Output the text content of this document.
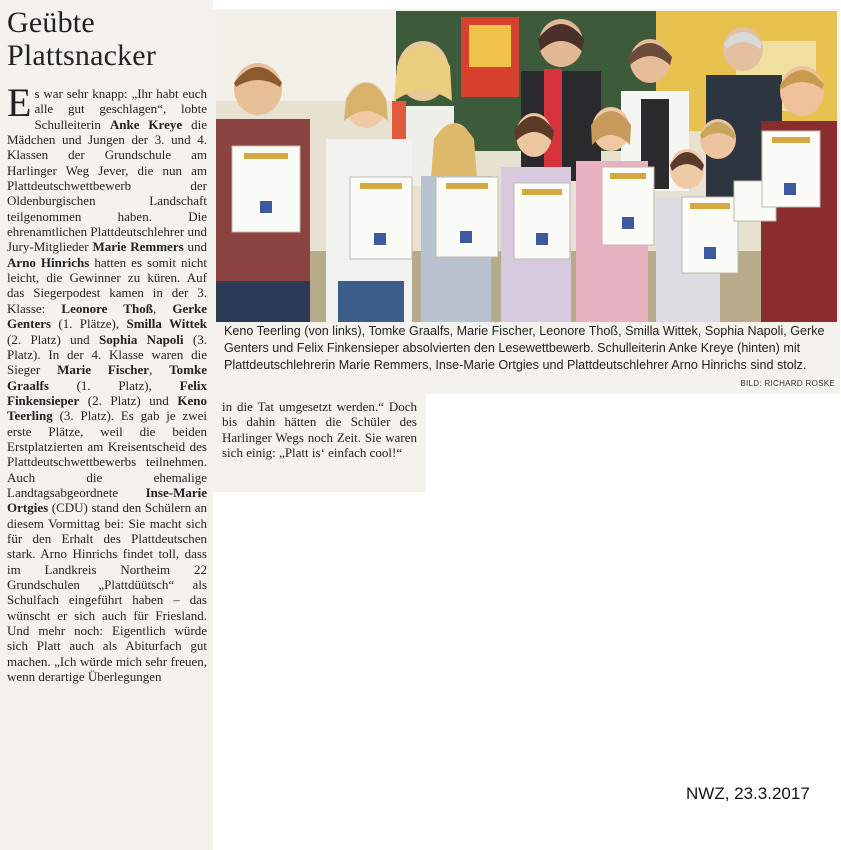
Geübte
Plattsnacker
E s war sehr knapp: „Ihr habt euch alle gut geschlagen“, lobte Schulleiterin Anke Kreye die Mädchen und Jungen der 3. und 4. Klassen der Grundschule am Harlinger Weg Jever, die nun am Plattdeutschwettbewerb der Oldenburgischen Landschaft teilgenommen haben. Die ehrenamtlichen Plattdeutschlehrer und Jury-Mitglieder Marie Remmers und Arno Hinrichs hatten es somit nicht leicht, die Gewinner zu küren. Auf das Siegerpodest kamen in der 3. Klasse: Leonore Thoß, Gerke Genters (1. Plätze), Smilla Wittek (2. Platz) und Sophia Napoli (3. Platz). In der 4. Klasse waren die Sieger Marie Fischer, Tomke Graalfs (1. Platz), Felix Finkensieper (2. Platz) und Keno Teerling (3. Platz). Es gab je zwei erste Plätze, weil die beiden Erstplatzierten am Kreisentscheid des Plattdeutschwettbewerbs teilnehmen. Auch die ehemalige Landtagsabgeordnete Inse-Marie Ortgies (CDU) stand den Schülern an diesem Vormittag bei: Sie macht sich für den Erhalt des Plattdeutschen stark. Arno Hinrichs findet toll, dass im Landkreis Northeim 22 Grundschulen „Plattdüütsch“ als Schulfach eingeführt haben – das wünscht er sich auch für Friesland. Und mehr noch: Eigentlich würde sich Platt auch als Abiturfach gut machen. „Ich würde mich sehr freuen, wenn derartige Überlegungen
Keno Teerling (von links), Tomke Graalfs, Marie Fischer, Leonore Thoß, Smilla Wittek, Sophia Napoli, Gerke Genters und Felix Finkensieper absolvierten den Lesewettbewerb. Schulleiterin Anke Kreye (hinten) mit Plattdeutschlehrerin Marie Remmers, Inse-Marie Ortgies und Plattdeutschlehrer Arno Hinrichs sind stolz.
BILD: RICHARD ROSKE
in die Tat umgesetzt werden.“ Doch bis dahin hätten die Schüler des Harlinger Wegs noch Zeit. Sie waren sich einig: „Platt is‘ einfach cool!“
NWZ, 23.3.2017
